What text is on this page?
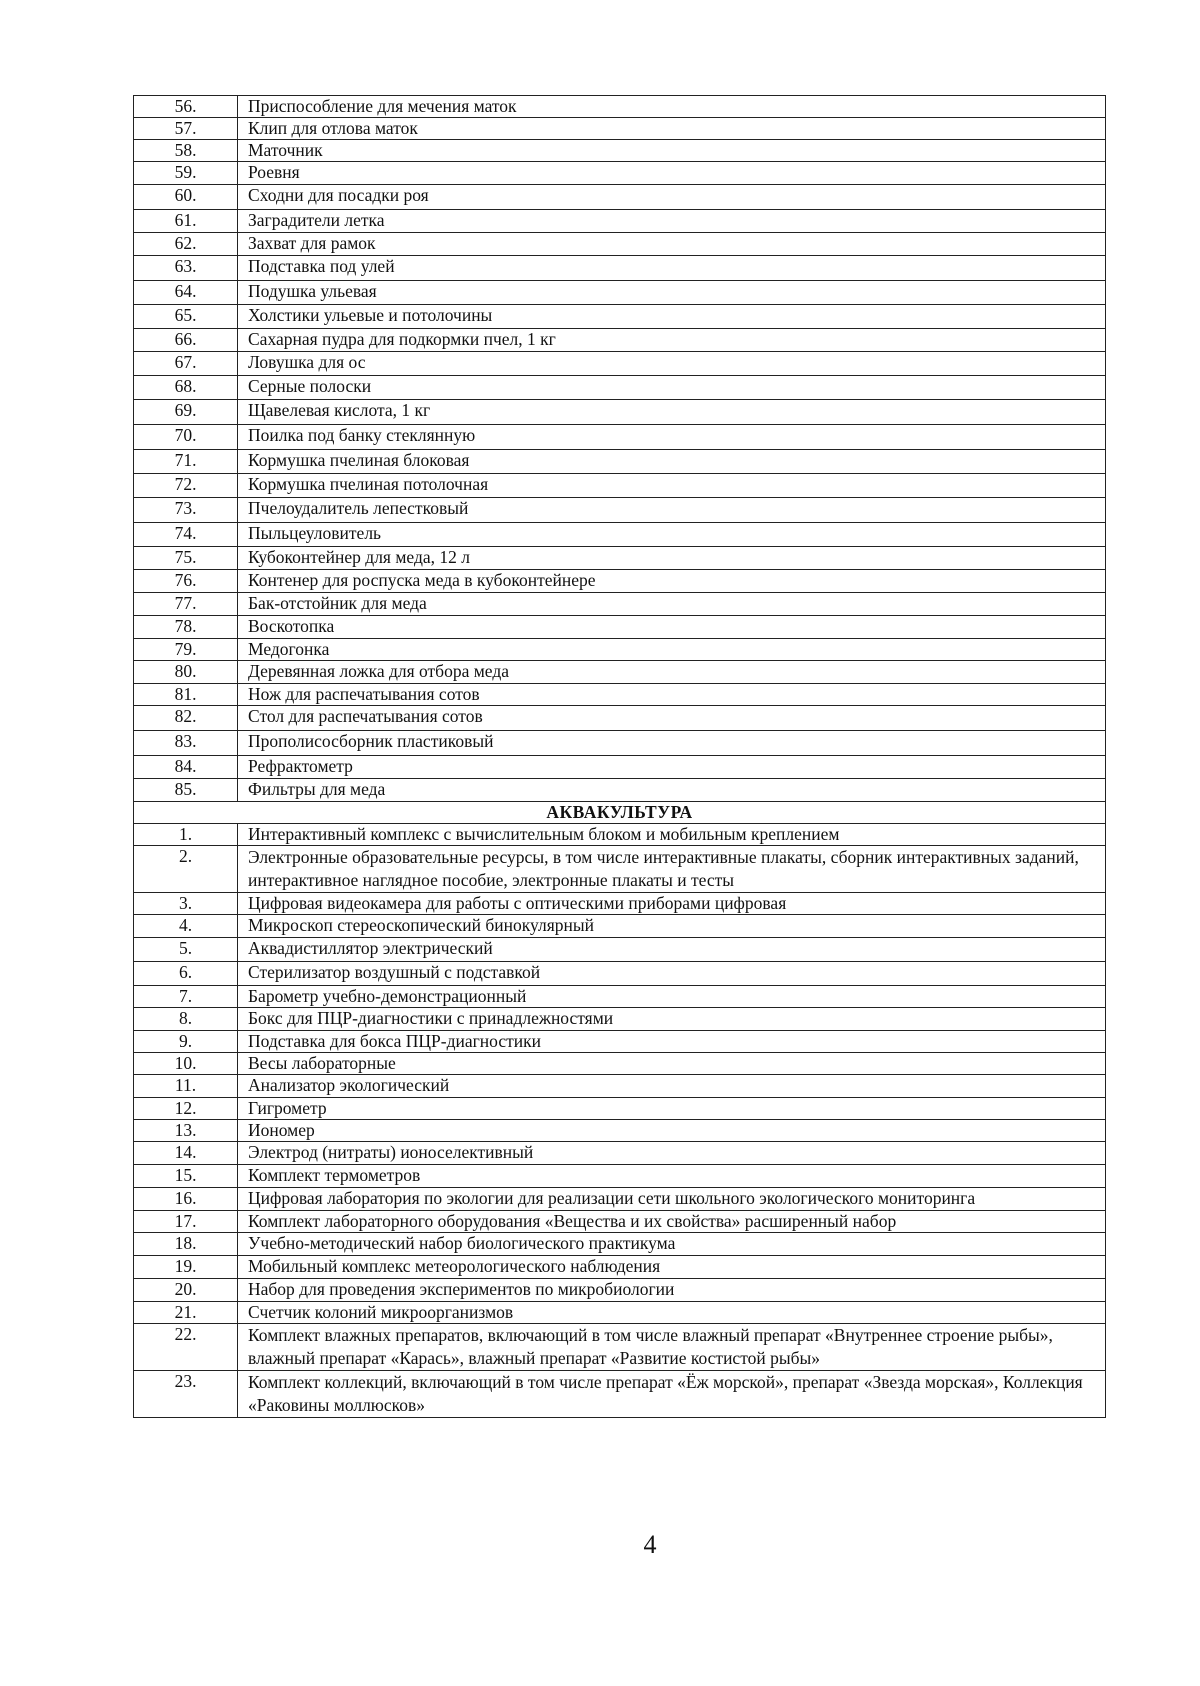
56.	Приспособление для мечения маток
57.	Клип для отлова маток
58.	Маточник
59.	Роевня
60.	Сходни для посадки роя
61.	Заградители летка
62.	Захват для рамок
63.	Подставка под улей
64.	Подушка ульевая
65.	Холстики ульевые и потолочины
66.	Сахарная пудра для подкормки пчел, 1 кг
67.	Ловушка для ос
68.	Серные полоски
69.	Щавелевая кислота, 1 кг
70.	Поилка под банку стеклянную
71.	Кормушка пчелиная блоковая
72.	Кормушка пчелиная потолочная
73.	Пчелоудалитель лепестковый
74.	Пыльцеуловитель
75.	Кубоконтейнер для меда, 12 л
76.	Контенер для роспуска меда в кубоконтейнере
77.	Бак-отстойник для меда
78.	Воскотопка
79.	Медогонка
80.	Деревянная ложка для отбора меда
81.	Нож для распечатывания сотов
82.	Стол для распечатывания сотов
83.	Прополисосборник пластиковый
84.	Рефрактометр
85.	Фильтры для меда
АКВАКУЛЬТУРА	
1.	Интерактивный комплекс с вычислительным блоком и мобильным креплением
2.	Электронные образовательные ресурсы, в том числе интерактивные плакаты, сборник интерактивных заданий, интерактивное наглядное пособие, электронные плакаты и тесты
3.	Цифровая видеокамера для работы с оптическими приборами цифровая
4.	Микроскоп стереоскопический бинокулярный
5.	Аквадистиллятор электрический
6.	Стерилизатор воздушный с подставкой
7.	Барометр учебно-демонстрационный
8.	Бокс для ПЦР-диагностики с принадлежностями
9.	Подставка для бокса ПЦР-диагностики
10.	Весы лабораторные
11.	Анализатор экологический
12.	Гигрометр
13.	Иономер
14.	Электрод (нитраты) ионоселективный
15.	Комплект термометров
16.	Цифровая лаборатория по экологии для реализации сети школьного экологического мониторинга
17.	Комплект лабораторного оборудования «Вещества и их свойства» расширенный набор
18.	Учебно-методический набор биологического практикума
19.	Мобильный комплекс метеорологического наблюдения
20.	Набор для проведения экспериментов по микробиологии
21.	Счетчик колоний микроорганизмов
22.	Комплект влажных препаратов, включающий в том числе влажный препарат «Внутреннее строение рыбы», влажный препарат «Карась», влажный препарат «Развитие костистой рыбы»
23.	Комплект коллекций, включающий в том числе препарат «Ёж морской», препарат «Звезда морская», Коллекция «Раковины моллюсков»
4
